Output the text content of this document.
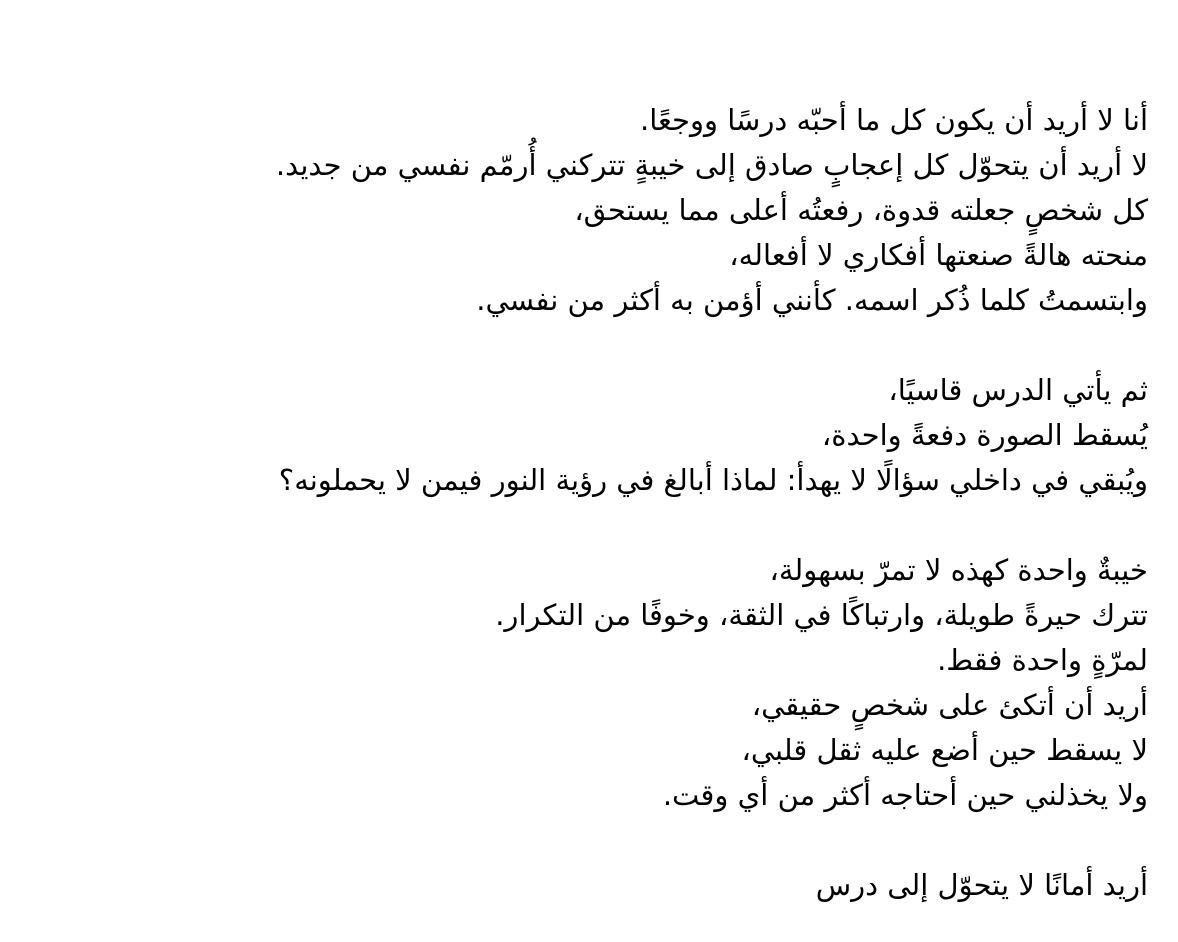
أنا لا أريد أن يكون كل ما أحبّه درسًا ووجعًا.
لا أريد أن يتحوّل كل إعجابٍ صادق إلى خيبةٍ تتركني أُرمّم نفسي من جديد.
كل شخصٍ جعلته قدوة، رفعتُه أعلى مما يستحق،
منحته هالةً صنعتها أفكاري لا أفعاله،
وابتسمتُ كلما ذُكر اسمه. كأنني أؤمن به أكثر من نفسي.
ثم يأتي الدرس قاسيًا،
يُسقط الصورة دفعةً واحدة،
ويُبقي في داخلي سؤالًا لا يهدأ: لماذا أبالغ في رؤية النور فيمن لا يحملونه؟
خيبةٌ واحدة كهذه لا تمرّ بسهولة،
تترك حيرةً طويلة، وارتباكًا في الثقة، وخوفًا من التكرار.
لمرّةٍ واحدة فقط.
أريد أن أتكئ على شخصٍ حقيقي،
لا يسقط حين أضع عليه ثقل قلبي،
ولا يخذلني حين أحتاجه أكثر من أي وقت.
أريد أمانًا لا يتحوّل إلى درس
